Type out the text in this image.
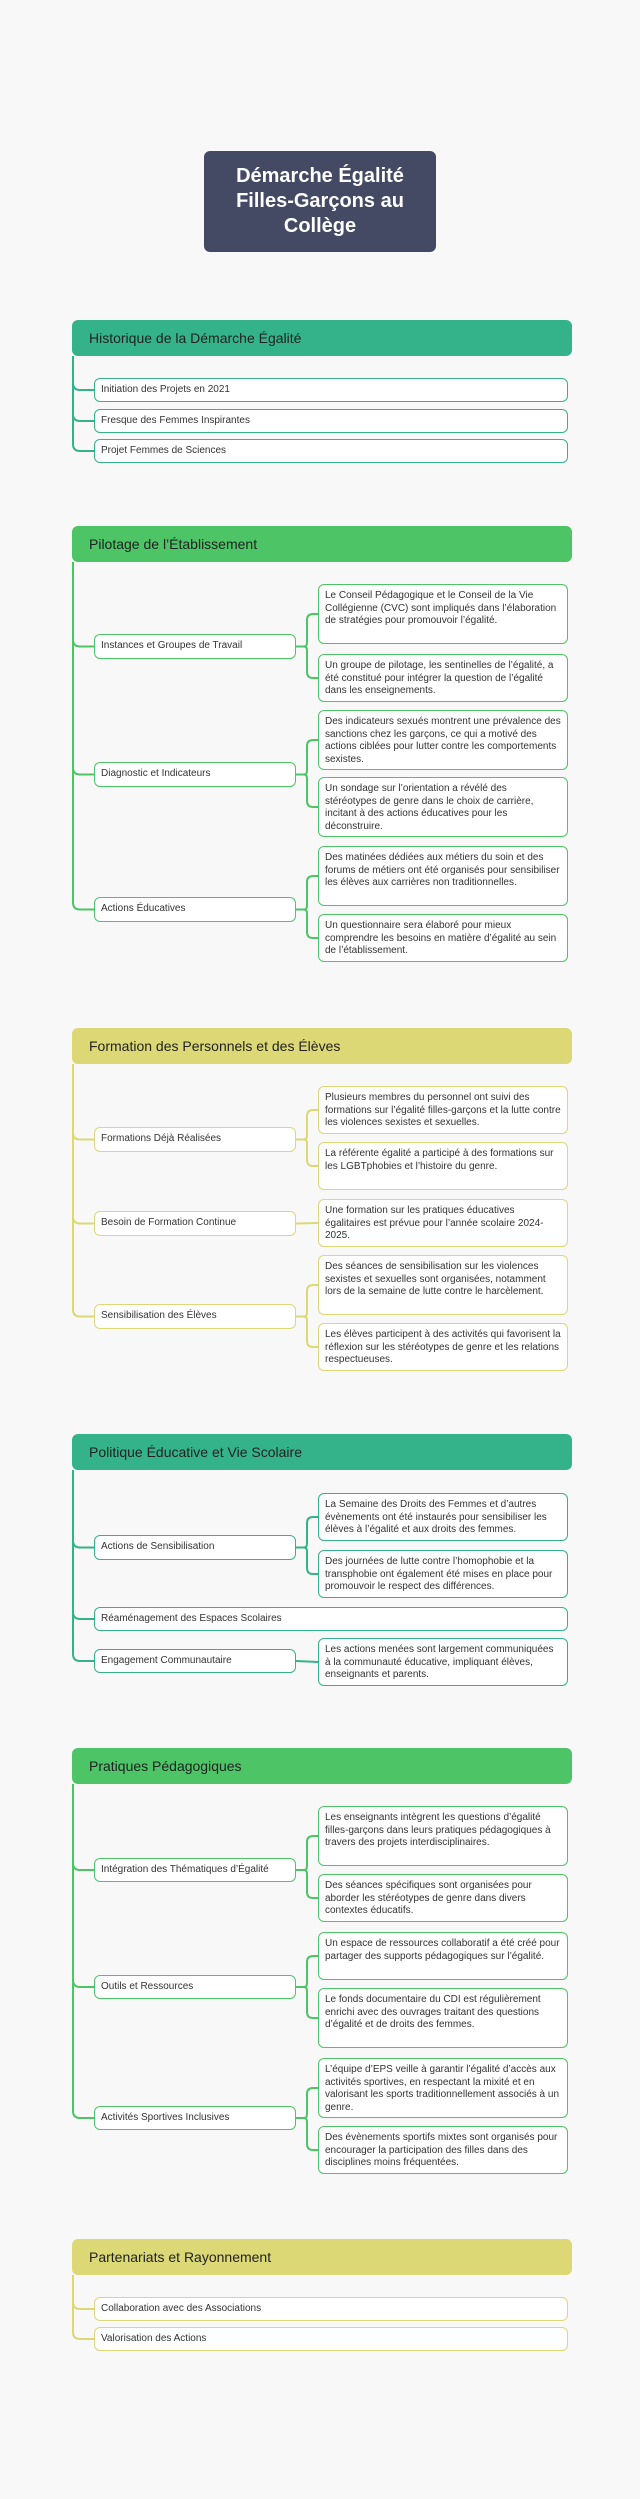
Démarche Égalité Filles-Garçons au Collège
Historique de la Démarche Égalité
Initiation des Projets en 2021
Fresque des Femmes Inspirantes
Projet Femmes de Sciences
Pilotage de l’Établissement
Instances et Groupes de Travail
Le Conseil Pédagogique et le Conseil de la Vie Collégienne (CVC) sont impliqués dans l’élaboration de stratégies pour promouvoir l’égalité.
Un groupe de pilotage, les sentinelles de l’égalité, a été constitué pour intégrer la question de l’égalité dans les enseignements.
Diagnostic et Indicateurs
Des indicateurs sexués montrent une prévalence des sanctions chez les garçons, ce qui a motivé des actions ciblées pour lutter contre les comportements sexistes.
Un sondage sur l’orientation a révélé des stéréotypes de genre dans le choix de carrière, incitant à des actions éducatives pour les déconstruire.
Actions Éducatives
Des matinées dédiées aux métiers du soin et des forums de métiers ont été organisés pour sensibiliser les élèves aux carrières non traditionnelles.
Un questionnaire sera élaboré pour mieux comprendre les besoins en matière d’égalité au sein de l’établissement.
Formation des Personnels et des Élèves
Formations Déjà Réalisées
Plusieurs membres du personnel ont suivi des formations sur l’égalité filles-garçons et la lutte contre les violences sexistes et sexuelles.
La référente égalité a participé à des formations sur les LGBTphobies et l’histoire du genre.
Besoin de Formation Continue
Une formation sur les pratiques éducatives égalitaires est prévue pour l’année scolaire 2024-2025.
Sensibilisation des Élèves
Des séances de sensibilisation sur les violences sexistes et sexuelles sont organisées, notamment lors de la semaine de lutte contre le harcèlement.
Les élèves participent à des activités qui favorisent la réflexion sur les stéréotypes de genre et les relations respectueuses.
Politique Éducative et Vie Scolaire
Actions de Sensibilisation
La Semaine des Droits des Femmes et d’autres évènements ont été instaurés pour sensibiliser les élèves à l’égalité et aux droits des femmes.
Des journées de lutte contre l’homophobie et la transphobie ont également été mises en place pour promouvoir le respect des différences.
Réaménagement des Espaces Scolaires
Engagement Communautaire
Les actions menées sont largement communiquées à la communauté éducative, impliquant élèves, enseignants et parents.
Pratiques Pédagogiques
Intégration des Thématiques d’Égalité
Les enseignants intègrent les questions d’égalité filles-garçons dans leurs pratiques pédagogiques à travers des projets interdisciplinaires.
Des séances spécifiques sont organisées pour aborder les stéréotypes de genre dans divers contextes éducatifs.
Outils et Ressources
Un espace de ressources collaboratif a été créé pour partager des supports pédagogiques sur l’égalité.
Le fonds documentaire du CDI est régulièrement enrichi avec des ouvrages traitant des questions d’égalité et de droits des femmes.
Activités Sportives Inclusives
L’équipe d’EPS veille à garantir l’égalité d’accès aux activités sportives, en respectant la mixité et en valorisant les sports traditionnellement associés à un genre.
Des évènements sportifs mixtes sont organisés pour encourager la participation des filles dans des disciplines moins fréquentées.
Partenariats et Rayonnement
Collaboration avec des Associations
Valorisation des Actions
